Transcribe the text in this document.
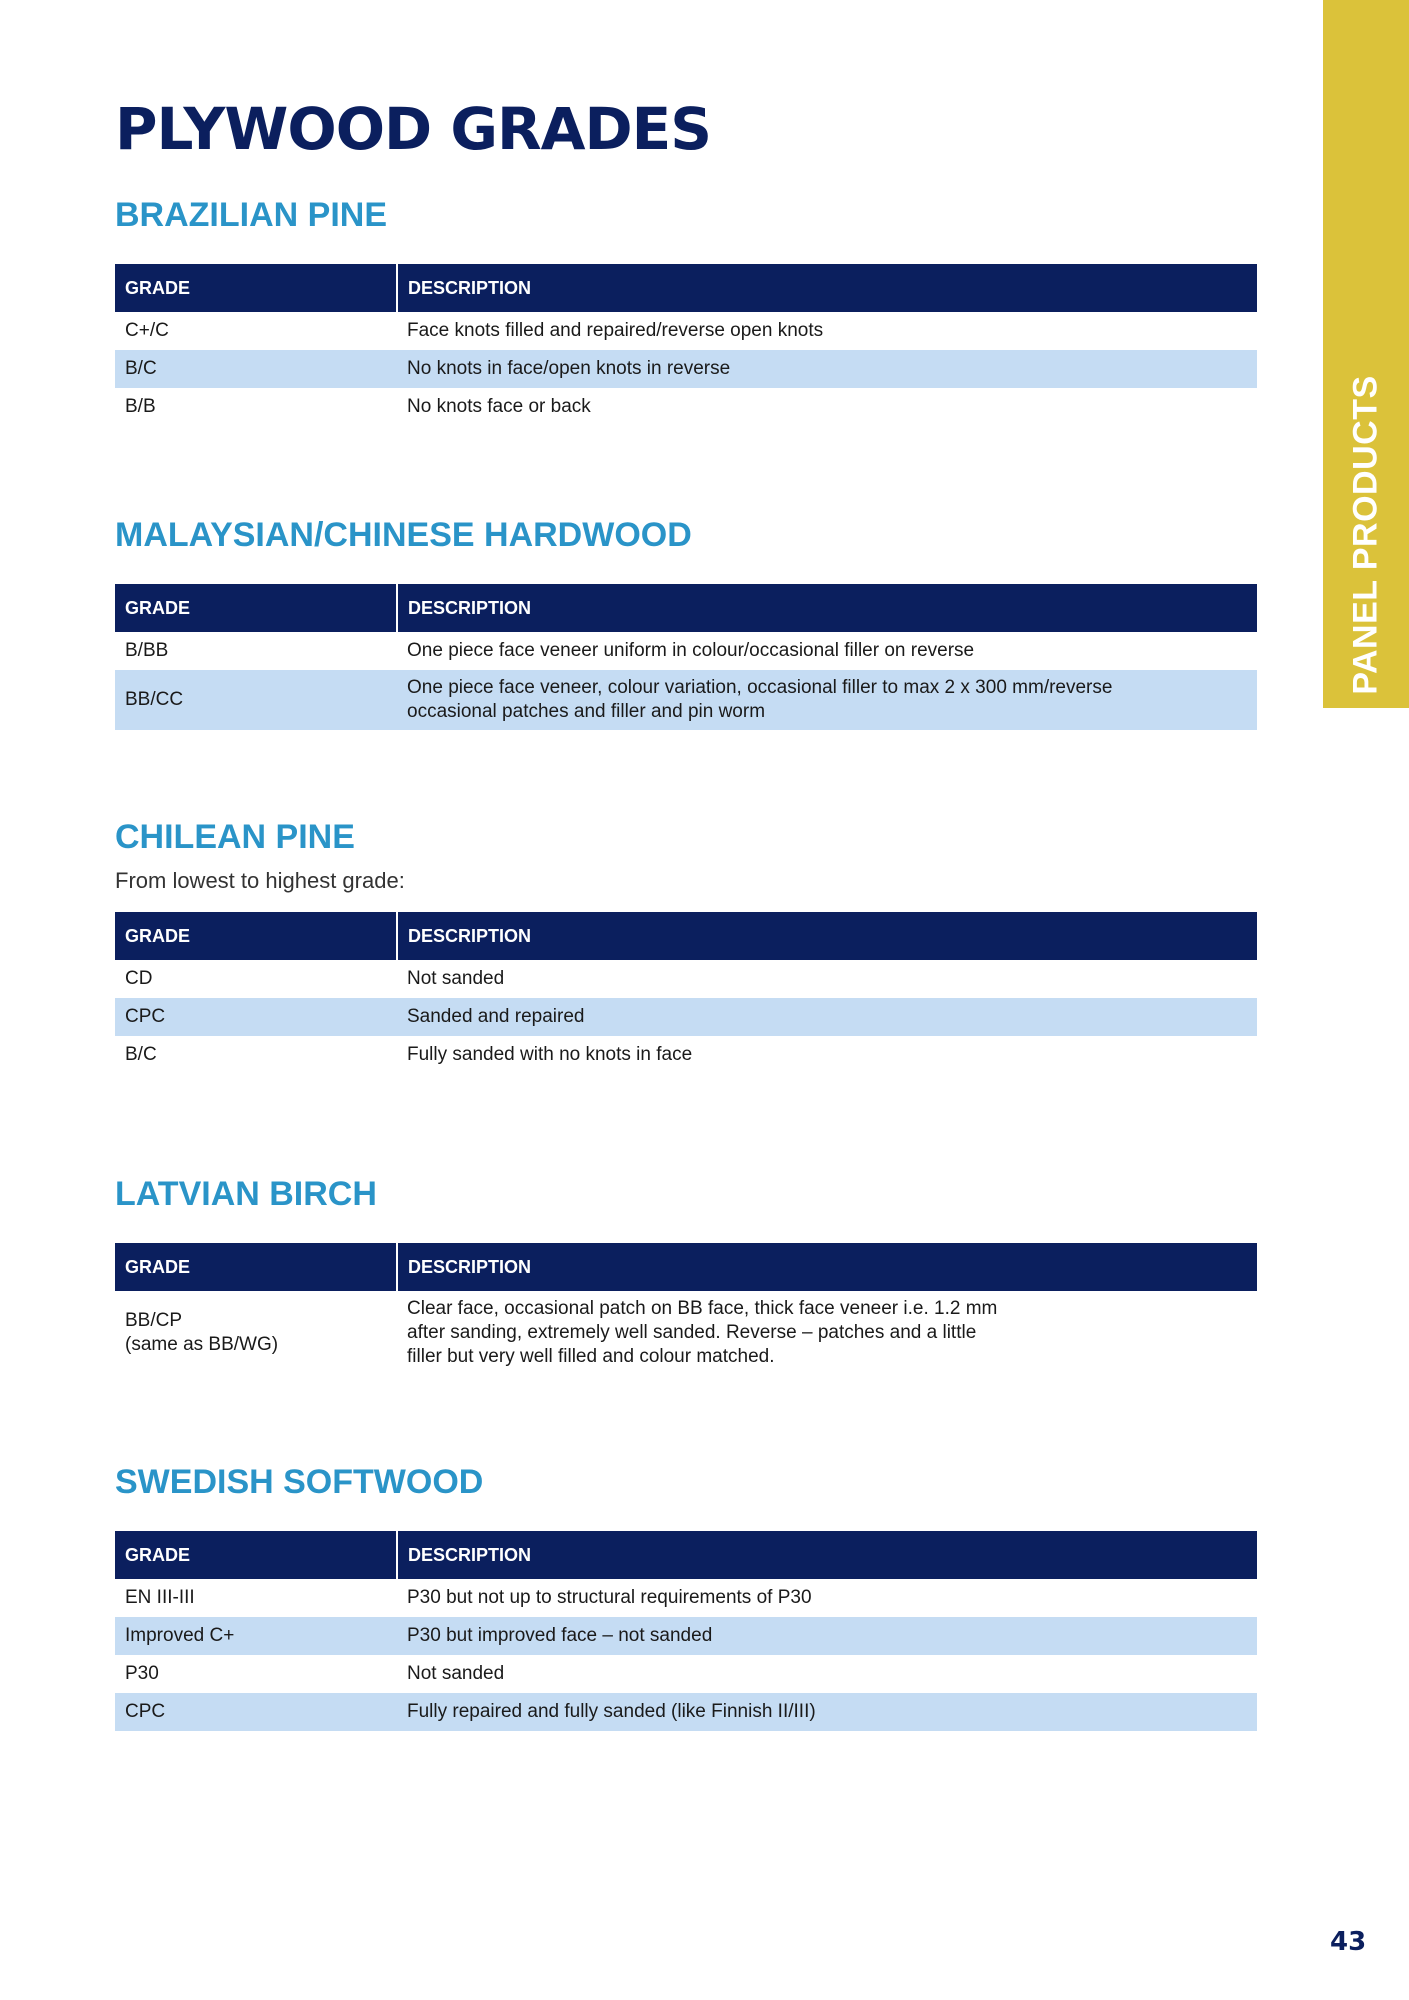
PLYWOOD GRADES
PANEL PRODUCTS
BRAZILIAN PINE
GRADE	DESCRIPTION

C+/C	Face knots filled and repaired/reverse open knots

B/C	No knots in face/open knots in reverse

B/B	No knots face or back
MALAYSIAN/CHINESE HARDWOOD
GRADE	DESCRIPTION

B/BB	One piece face veneer uniform in colour/occasional filler on reverse

BB/CC	One piece face veneer, colour variation, occasional filler to max 2 x 300 mm/reverse
occasional patches and filler and pin worm
CHILEAN PINE

From lowest to highest grade:

GRADE	DESCRIPTION

CD	Not sanded

CPC	Sanded and repaired

B/C	Fully sanded with no knots in face
LATVIAN BIRCH
GRADE	DESCRIPTION

BB/CP
(same as BB/WG)	Clear face, occasional patch on BB face, thick face veneer i.e. 1.2 mm
after sanding, extremely well sanded. Reverse – patches and a little
filler but very well filled and colour matched.
SWEDISH SOFTWOOD
GRADE	DESCRIPTION

EN III-III	P30 but not up to structural requirements of P30

Improved C+	P30 but improved face – not sanded

P30	Not sanded

CPC	Fully repaired and fully sanded (like Finnish II/III)
43
